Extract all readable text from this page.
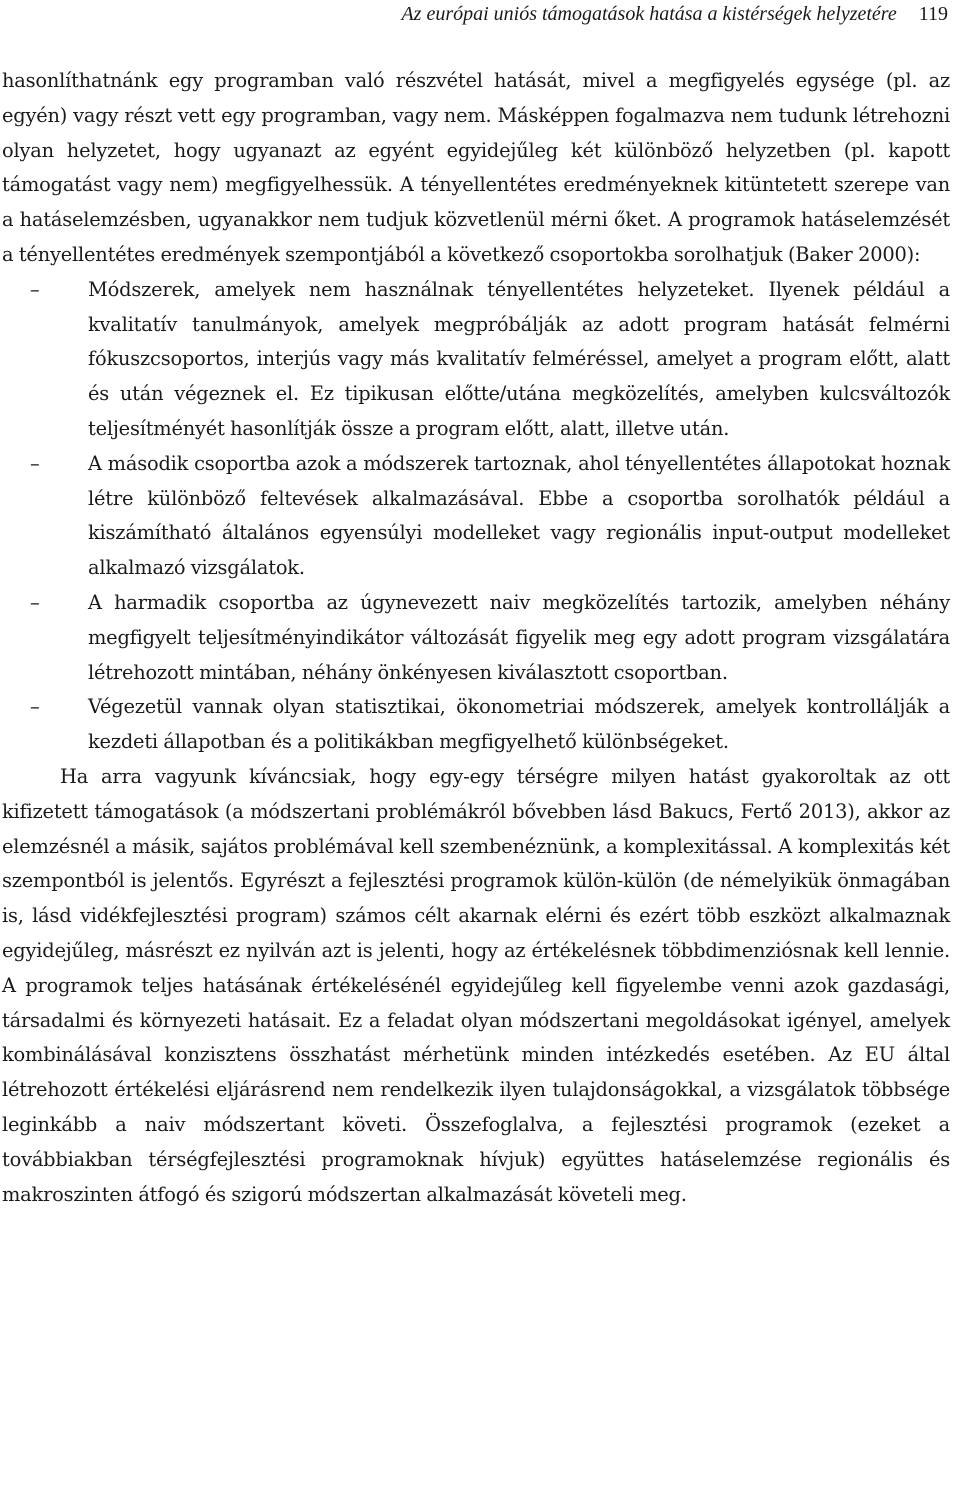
Az európai uniós támogatások hatása a kistérségek helyzetére 119

hasonlíthatnánk egy programban való részvétel hatását, mivel a megfigyelés egysége (pl. az egyén) vagy részt vett egy programban, vagy nem. Másképpen fogalmazva nem tudunk létrehozni olyan helyzetet, hogy ugyanazt az egyént egyidejűleg két különböző helyzetben (pl. kapott támogatást vagy nem) megfigyelhessük. A tényellentétes eredményeknek kitüntetett szerepe van a hatáselemzésben, ugyanakkor nem tudjuk közvetlenül mérni őket. A programok hatáselemzését a tényellentétes eredmények szempontjából a következő csoportokba sorolhatjuk (Baker 2000):

–	Módszerek, amelyek nem használnak tényellentétes helyzeteket. Ilyenek például a kvalitatív tanulmányok, amelyek megpróbálják az adott program hatását felmérni fókuszcsoportos, interjús vagy más kvalitatív felméréssel, amelyet a program előtt, alatt és után végeznek el. Ez tipikusan előtte/utána megközelítés, amelyben kulcsváltozók teljesítményét hasonlítják össze a program előtt, alatt, illetve után.
–	A második csoportba azok a módszerek tartoznak, ahol tényellentétes állapotokat hoznak létre különböző feltevések alkalmazásával. Ebbe a csoportba sorolhatók például a kiszámítható általános egyensúlyi modelleket vagy regionális input-output modelleket alkalmazó vizsgálatok.
–	A harmadik csoportba az úgynevezett naiv megközelítés tartozik, amelyben néhány megfigyelt teljesítményindikátor változását figyelik meg egy adott program vizsgálatára létrehozott mintában, néhány önkényesen kiválasztott csoportban.
–	Végezetül vannak olyan statisztikai, ökonometriai módszerek, amelyek kontrollálják a kezdeti állapotban és a politikákban megfigyelhető különbségeket.

Ha arra vagyunk kíváncsiak, hogy egy-egy térségre milyen hatást gyakoroltak az ott kifizetett támogatások (a módszertani problémákról bővebben lásd Bakucs, Fertő 2013), akkor az elemzésnél a másik, sajátos problémával kell szembenéznünk, a komplexitással. A komplexitás két szempontból is jelentős. Egyrészt a fejlesztési programok külön-külön (de némelyikük önmagában is, lásd vidékfejlesztési program) számos célt akarnak elérni és ezért több eszközt alkalmaznak egyidejűleg, másrészt ez nyilván azt is jelenti, hogy az értékelésnek többdimenziósnak kell lennie. A programok teljes hatásának értékelésénél egyidejűleg kell figyelembe venni azok gazdasági, társadalmi és környezeti hatásait. Ez a feladat olyan módszertani megoldásokat igényel, amelyek kombinálásával konzisztens összhatást mérhetünk minden intézkedés esetében. Az EU által létrehozott értékelési eljárásrend nem rendelkezik ilyen tulajdonságokkal, a vizsgálatok többsége leginkább a naiv módszertant követi. Összefoglalva, a fejlesztési programok (ezeket a továbbiakban térségfejlesztési programoknak hívjuk) együttes hatáselemzése regionális és makroszinten átfogó és szigorú módszertan alkalmazását követeli meg.
